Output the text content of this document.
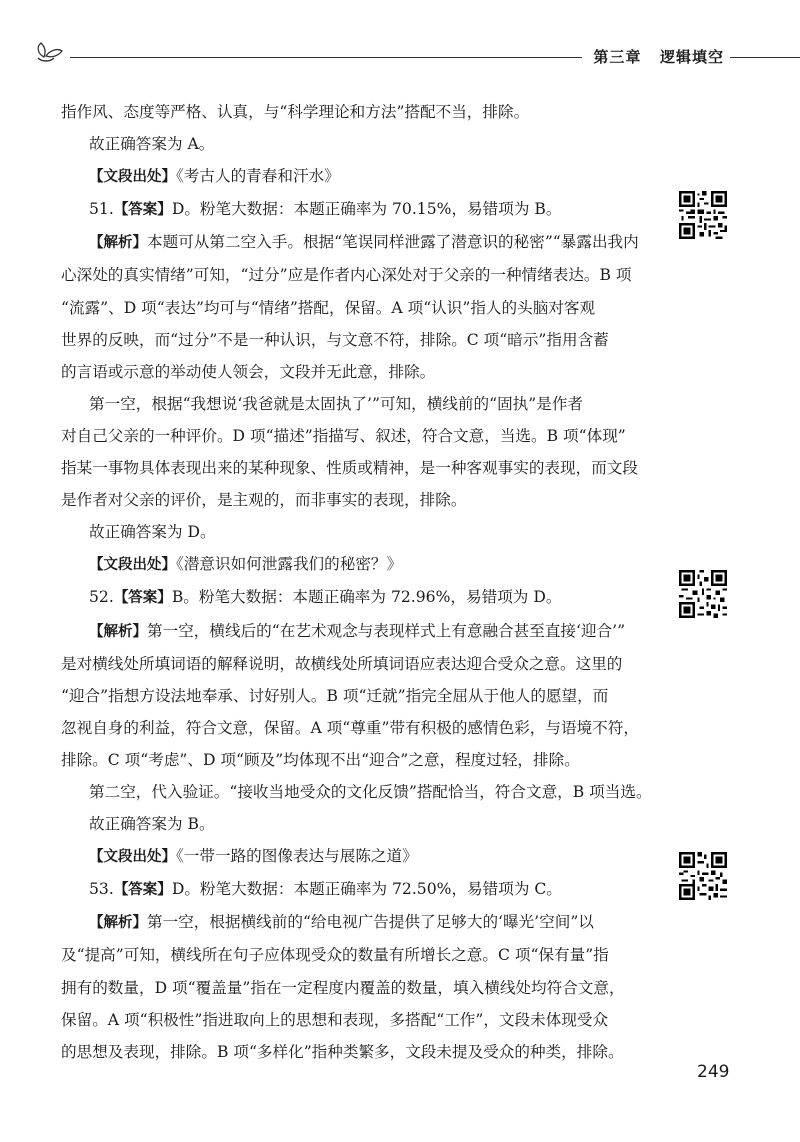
第三章   逻辑填空
指作风、态度等严格、认真，与“科学理论和方法”搭配不当，排除。
故正确答案为 A。
【文段出处】《考古人的青春和汗水》
51.【答案】D。粉笔大数据：本题正确率为 70.15%，易错项为 B。
【解析】本题可从第二空入手。根据“笔误同样泄露了潜意识的秘密”“暴露出我内
心深处的真实情绪”可知，“过分”应是作者内心深处对于父亲的一种情绪表达。B 项
“流露”、D 项“表达”均可与“情绪”搭配，保留。A 项“认识”指人的头脑对客观
世界的反映，而“过分”不是一种认识，与文意不符，排除。C 项“暗示”指用含蓄
的言语或示意的举动使人领会，文段并无此意，排除。
第一空，根据“我想说‘我爸就是太固执了’”可知，横线前的“固执”是作者
对自己父亲的一种评价。D 项“描述”指描写、叙述，符合文意，当选。B 项“体现”
指某一事物具体表现出来的某种现象、性质或精神，是一种客观事实的表现，而文段
是作者对父亲的评价，是主观的，而非事实的表现，排除。
故正确答案为 D。
【文段出处】《潜意识如何泄露我们的秘密？》
52.【答案】B。粉笔大数据：本题正确率为 72.96%，易错项为 D。
【解析】第一空，横线后的“在艺术观念与表现样式上有意融合甚至直接‘迎合’”
是对横线处所填词语的解释说明，故横线处所填词语应表达迎合受众之意。这里的
“迎合”指想方设法地奉承、讨好别人。B 项“迁就”指完全屈从于他人的愿望，而
忽视自身的利益，符合文意，保留。A 项“尊重”带有积极的感情色彩，与语境不符，
排除。C 项“考虑”、D 项“顾及”均体现不出“迎合”之意，程度过轻，排除。
第二空，代入验证。“接收当地受众的文化反馈”搭配恰当，符合文意，B 项当选。
故正确答案为 B。
【文段出处】《一带一路的图像表达与展陈之道》
53.【答案】D。粉笔大数据：本题正确率为 72.50%，易错项为 C。
【解析】第一空，根据横线前的“给电视广告提供了足够大的‘曝光’空间”以
及“提高”可知，横线所在句子应体现受众的数量有所增长之意。C 项“保有量”指
拥有的数量，D 项“覆盖量”指在一定程度内覆盖的数量，填入横线处均符合文意，
保留。A 项“积极性”指进取向上的思想和表现，多搭配“工作”，文段未体现受众
的思想及表现，排除。B 项“多样化”指种类繁多，文段未提及受众的种类，排除。
249
